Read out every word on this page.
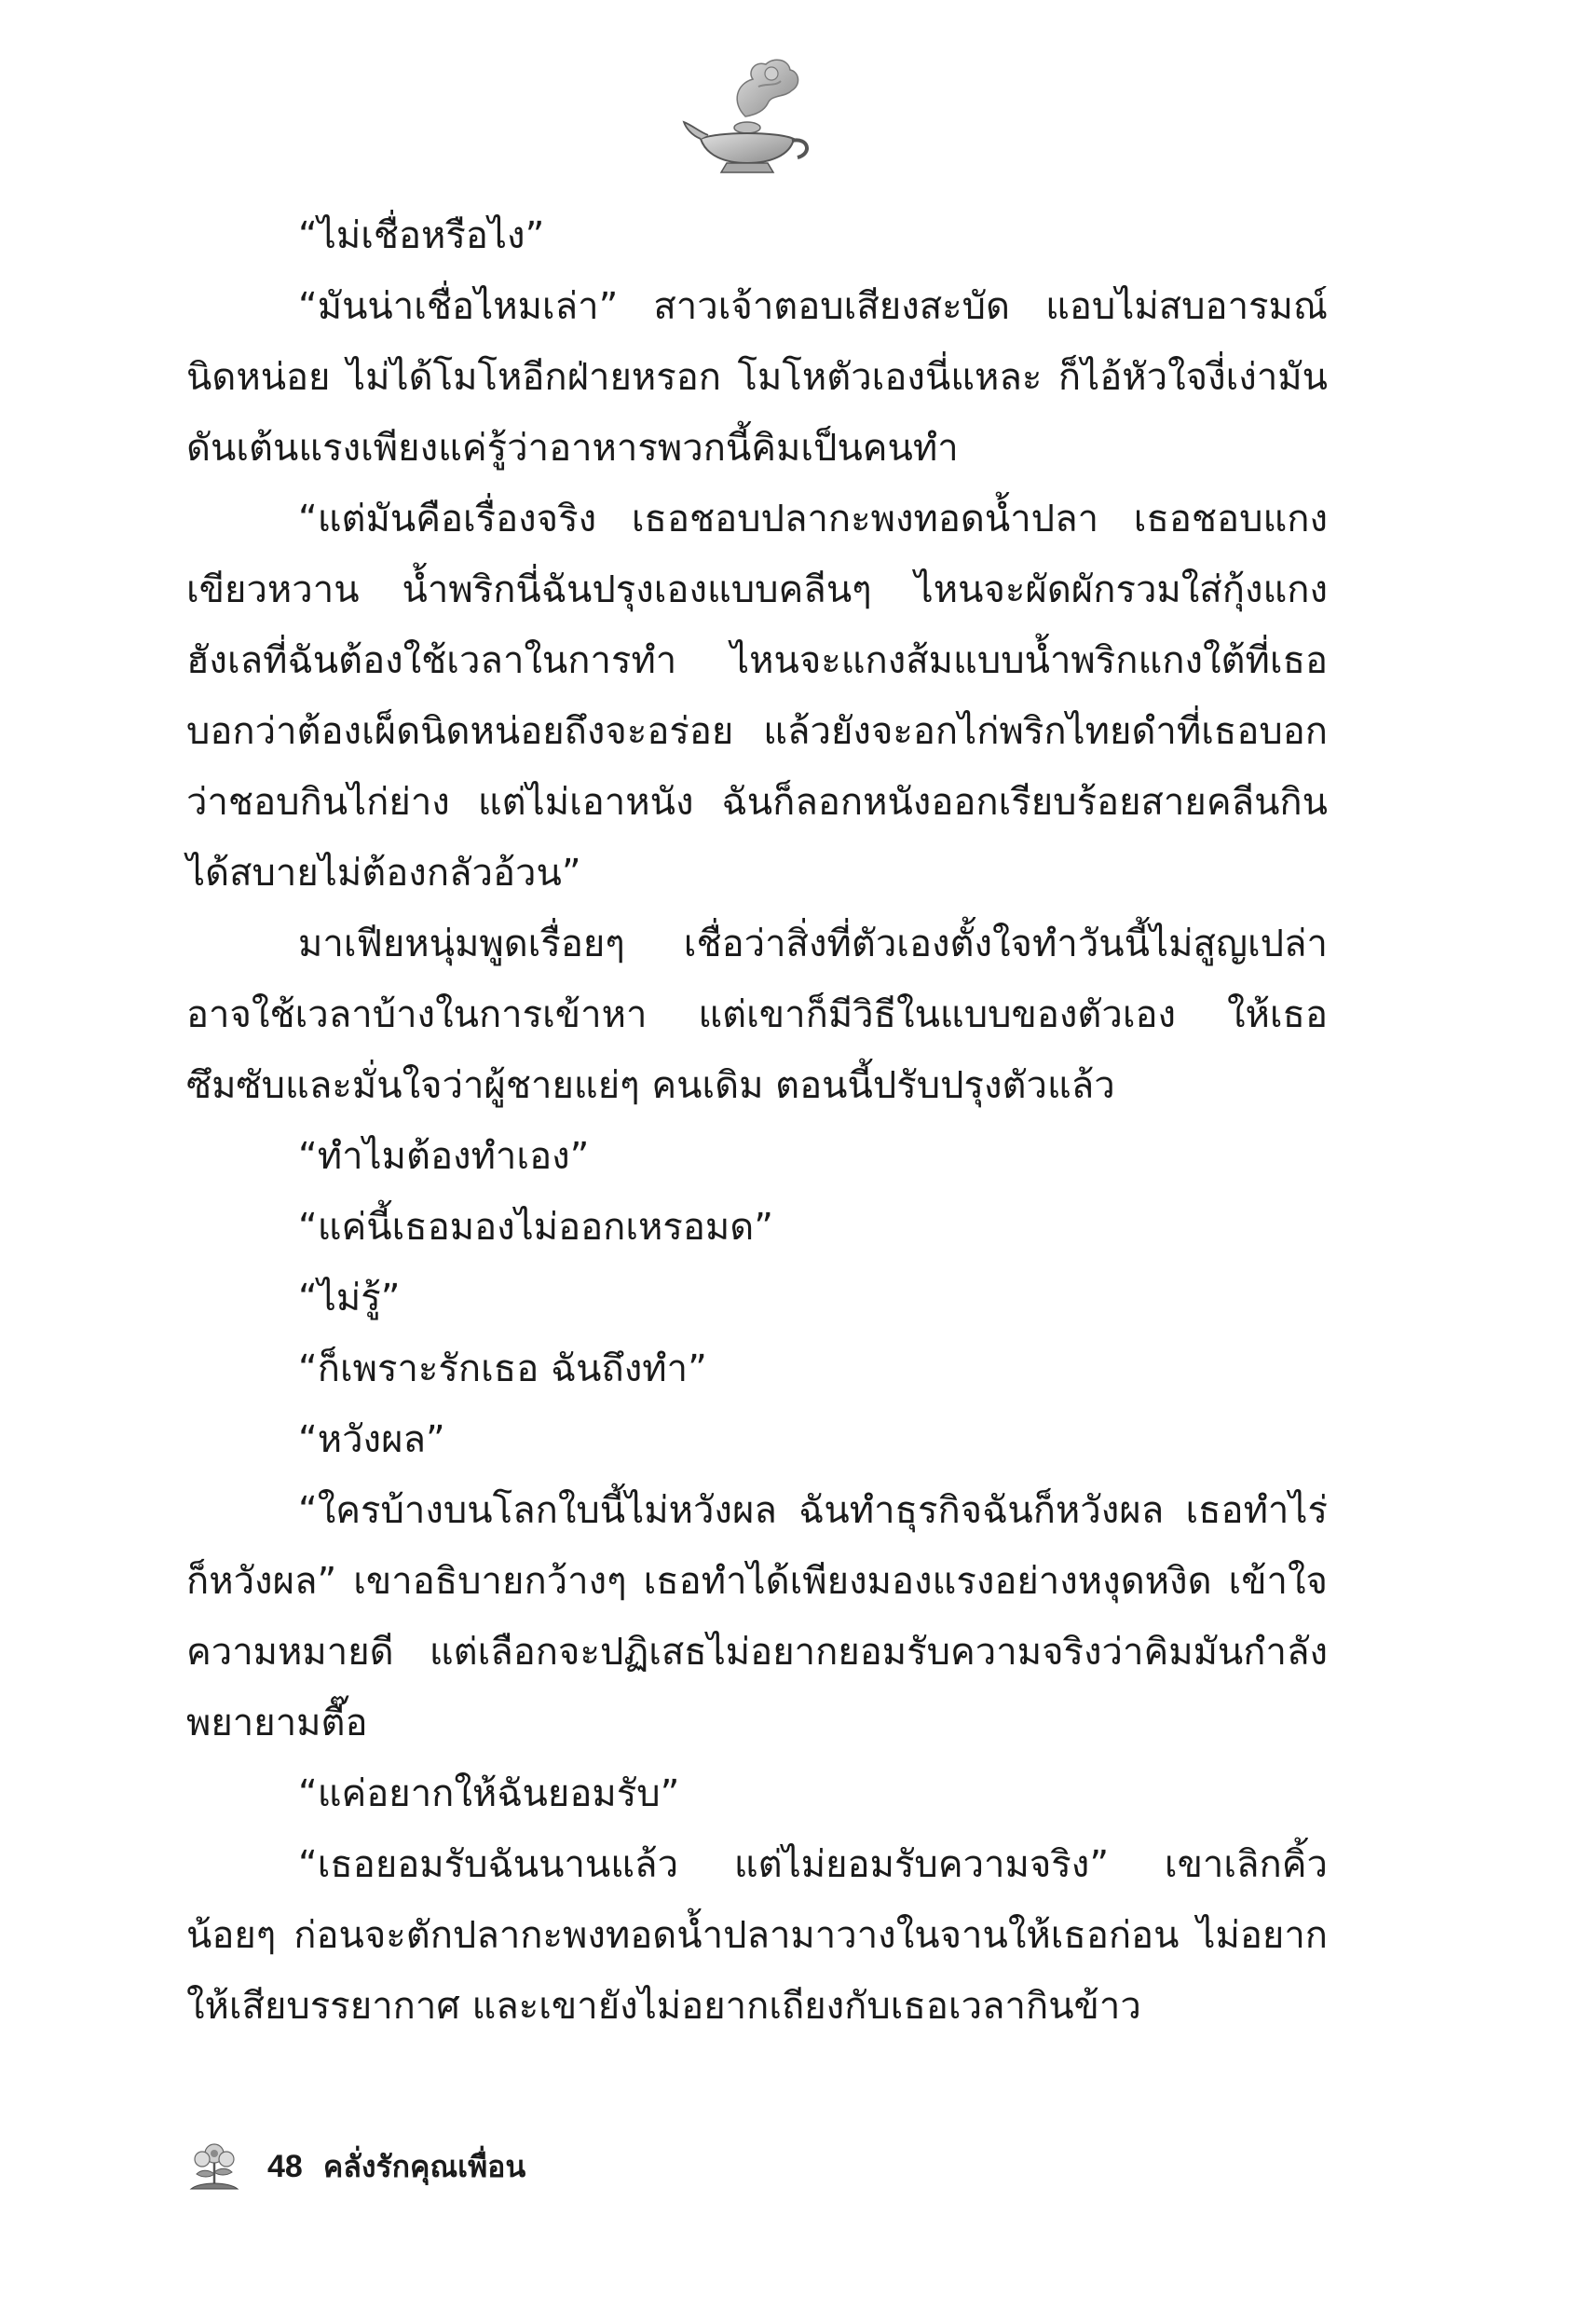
“ไม่เชื่อหรือไง”

“มันน่าเชื่อไหมเล่า” สาวเจ้าตอบเสียงสะบัด แอบไม่สบอารมณ์นิดหน่อย ไม่ได้โมโหอีกฝ่ายหรอก โมโหตัวเองนี่แหละ ก็ไอ้หัวใจงี่เง่ามันดันเต้นแรงเพียงแค่รู้ว่าอาหารพวกนี้คิมเป็นคนทำ

“แต่มันคือเรื่องจริง เธอชอบปลากะพงทอดน้ำปลา เธอชอบแกงเขียวหวาน น้ำพริกนี่ฉันปรุงเองแบบคลีนๆ ไหนจะผัดผักรวมใส่กุ้งแกงฮังเลที่ฉันต้องใช้เวลาในการทำ ไหนจะแกงส้มแบบน้ำพริกแกงใต้ที่เธอบอกว่าต้องเผ็ดนิดหน่อยถึงจะอร่อย แล้วยังจะอกไก่พริกไทยดำที่เธอบอกว่าชอบกินไก่ย่าง แต่ไม่เอาหนัง ฉันก็ลอกหนังออกเรียบร้อยสายคลีนกินได้สบายไม่ต้องกลัวอ้วน”

มาเฟียหนุ่มพูดเรื่อยๆ เชื่อว่าสิ่งที่ตัวเองตั้งใจทำวันนี้ไม่สูญเปล่าอาจใช้เวลาบ้างในการเข้าหา แต่เขาก็มีวิธีในแบบของตัวเอง ให้เธอซึมซับและมั่นใจว่าผู้ชายแย่ๆ คนเดิม ตอนนี้ปรับปรุงตัวแล้ว

“ทำไมต้องทำเอง”

“แค่นี้เธอมองไม่ออกเหรอมด”

“ไม่รู้”

“ก็เพราะรักเธอ ฉันถึงทำ”

“หวังผล”

“ใครบ้างบนโลกใบนี้ไม่หวังผล ฉันทำธุรกิจฉันก็หวังผล เธอทำไร่ ก็หวังผล” เขาอธิบายกว้างๆ เธอทำได้เพียงมองแรงอย่างหงุดหงิด เข้าใจความหมายดี แต่เลือกจะปฏิเสธไม่อยากยอมรับความจริงว่าคิมมันกำลังพยายามตื๊อ

“แค่อยากให้ฉันยอมรับ”

“เธอยอมรับฉันนานแล้ว แต่ไม่ยอมรับความจริง” เขาเลิกคิ้วน้อยๆ ก่อนจะตักปลากะพงทอดน้ำปลามาวางในจานให้เธอก่อน ไม่อยากให้เสียบรรยากาศ และเขายังไม่อยากเถียงกับเธอเวลากินข้าว

48 คลั่งรักคุณเพื่อน
